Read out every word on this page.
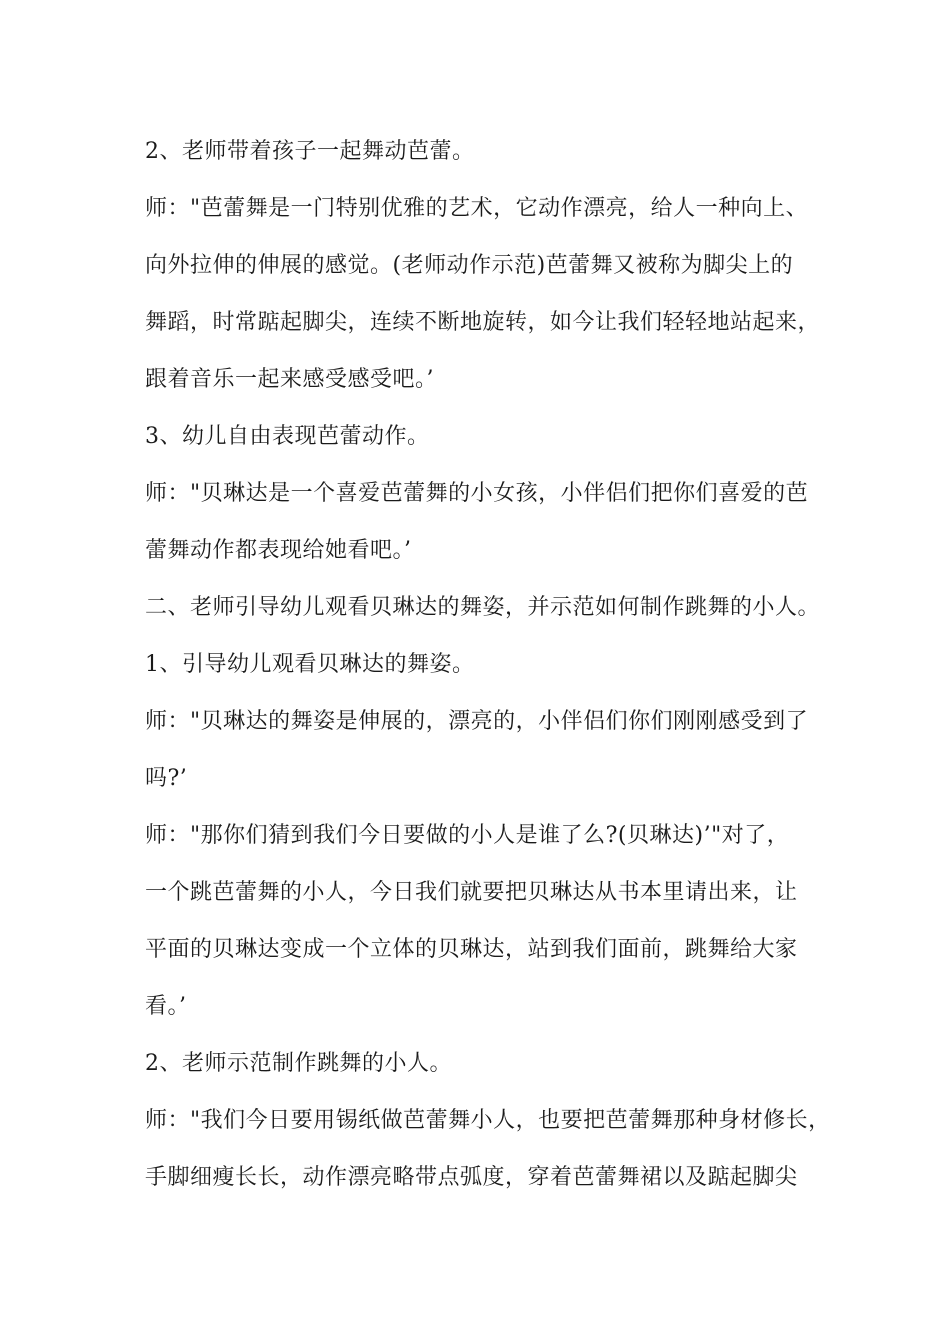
2、老师带着孩子一起舞动芭蕾。
师："芭蕾舞是一门特别优雅的艺术，它动作漂亮，给人一种向上、
向外拉伸的伸展的感觉。(老师动作示范)芭蕾舞又被称为脚尖上的
舞蹈，时常踮起脚尖，连续不断地旋转，如今让我们轻轻地站起来，
跟着音乐一起来感受感受吧。’
3、幼儿自由表现芭蕾动作。
师："贝琳达是一个喜爱芭蕾舞的小女孩，小伴侣们把你们喜爱的芭
蕾舞动作都表现给她看吧。’
二、老师引导幼儿观看贝琳达的舞姿，并示范如何制作跳舞的小人。
1、引导幼儿观看贝琳达的舞姿。
师："贝琳达的舞姿是伸展的，漂亮的，小伴侣们你们刚刚感受到了
吗?’
师："那你们猜到我们今日要做的小人是谁了么?(贝琳达)’"对了，
一个跳芭蕾舞的小人，今日我们就要把贝琳达从书本里请出来，让
平面的贝琳达变成一个立体的贝琳达，站到我们面前，跳舞给大家
看。’
2、老师示范制作跳舞的小人。
师："我们今日要用锡纸做芭蕾舞小人，也要把芭蕾舞那种身材修长，
手脚细瘦长长，动作漂亮略带点弧度，穿着芭蕾舞裙以及踮起脚尖
